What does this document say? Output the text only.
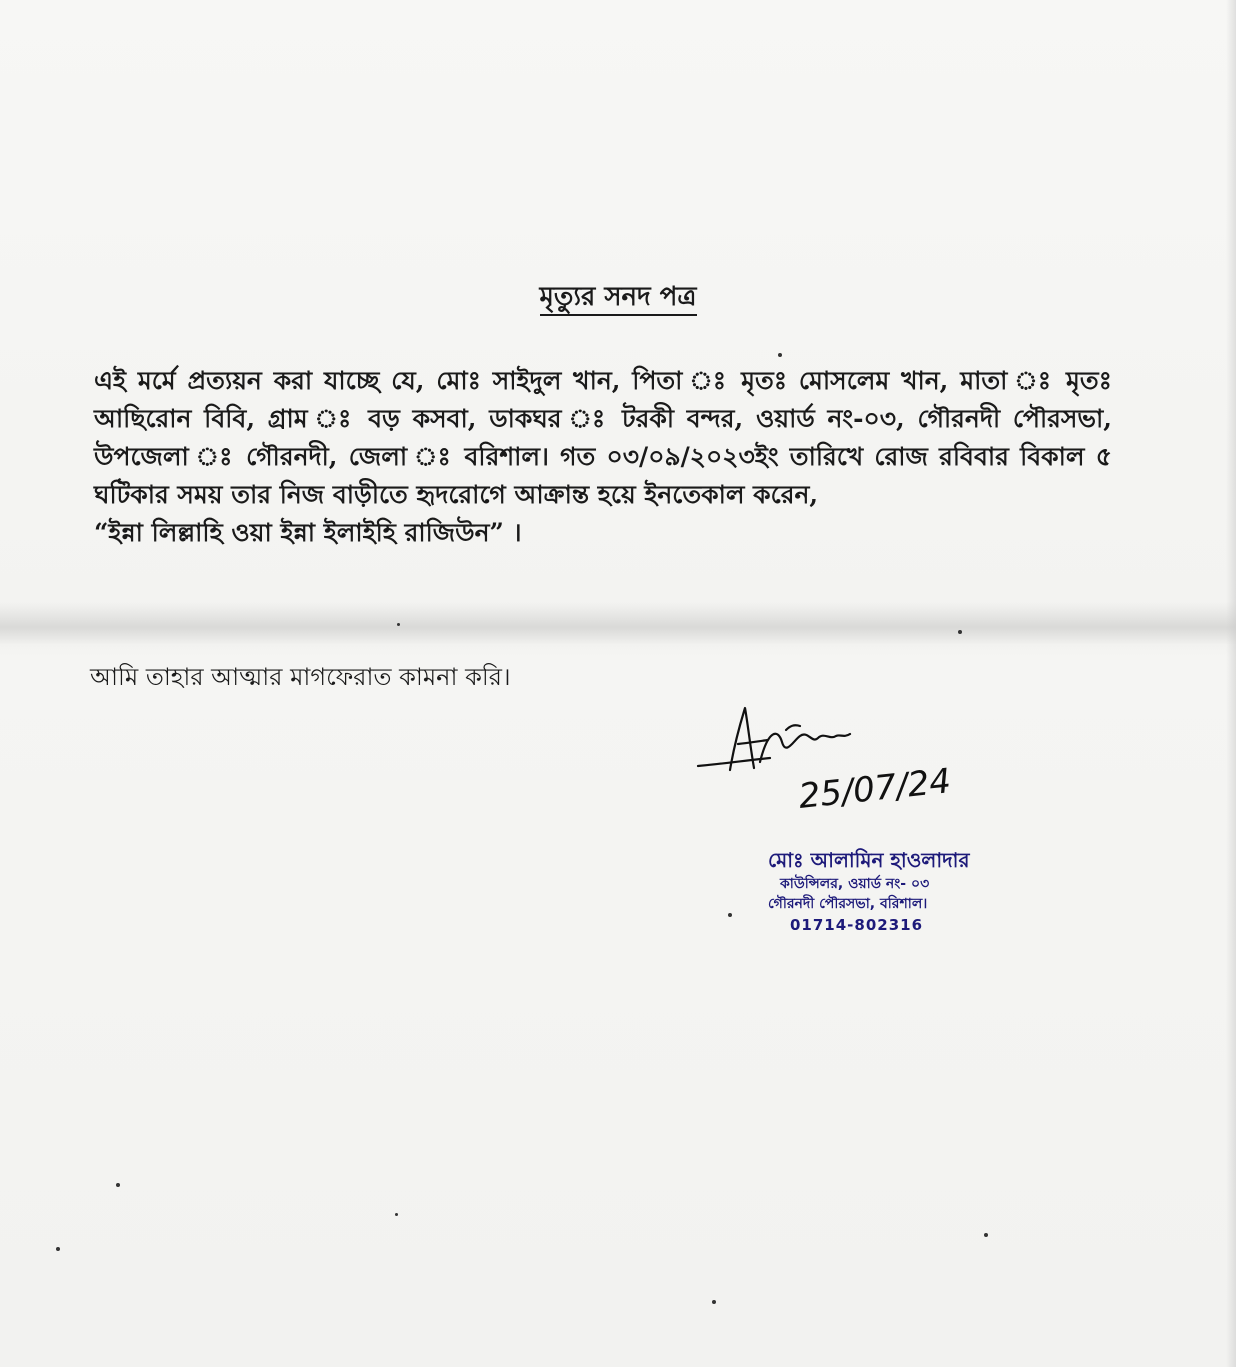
মৃত্যুর সনদ পত্র
এই মর্মে প্রত্যয়ন করা যাচ্ছে যে, মোঃ সাইদুল খান, পিতা ঃ মৃতঃ মোসলেম খান, মাতা ঃ মৃতঃ আছিরোন বিবি, গ্রাম ঃ বড় কসবা, ডাকঘর ঃ টরকী বন্দর, ওয়ার্ড নং-০৩, গৌরনদী পৌরসভা, উপজেলা ঃ গৌরনদী, জেলা ঃ বরিশাল। গত ০৩/০৯/২০২৩ইং তারিখে রোজ রবিবার বিকাল ৫ ঘটিকার সময় তার নিজ বাড়ীতে হৃদরোগে আক্রান্ত হয়ে ইনতেকাল করেন,
“ইন্না লিল্লাহি ওয়া ইন্না ইলাইহি রাজিউন” ।
আমি তাহার আত্মার মাগফেরাত কামনা করি।
25/07/24
মোঃ আলামিন হাওলাদার
কাউন্সিলর, ওয়ার্ড নং- ০৩
গৌরনদী পৌরসভা, বরিশাল।
01714-802316
